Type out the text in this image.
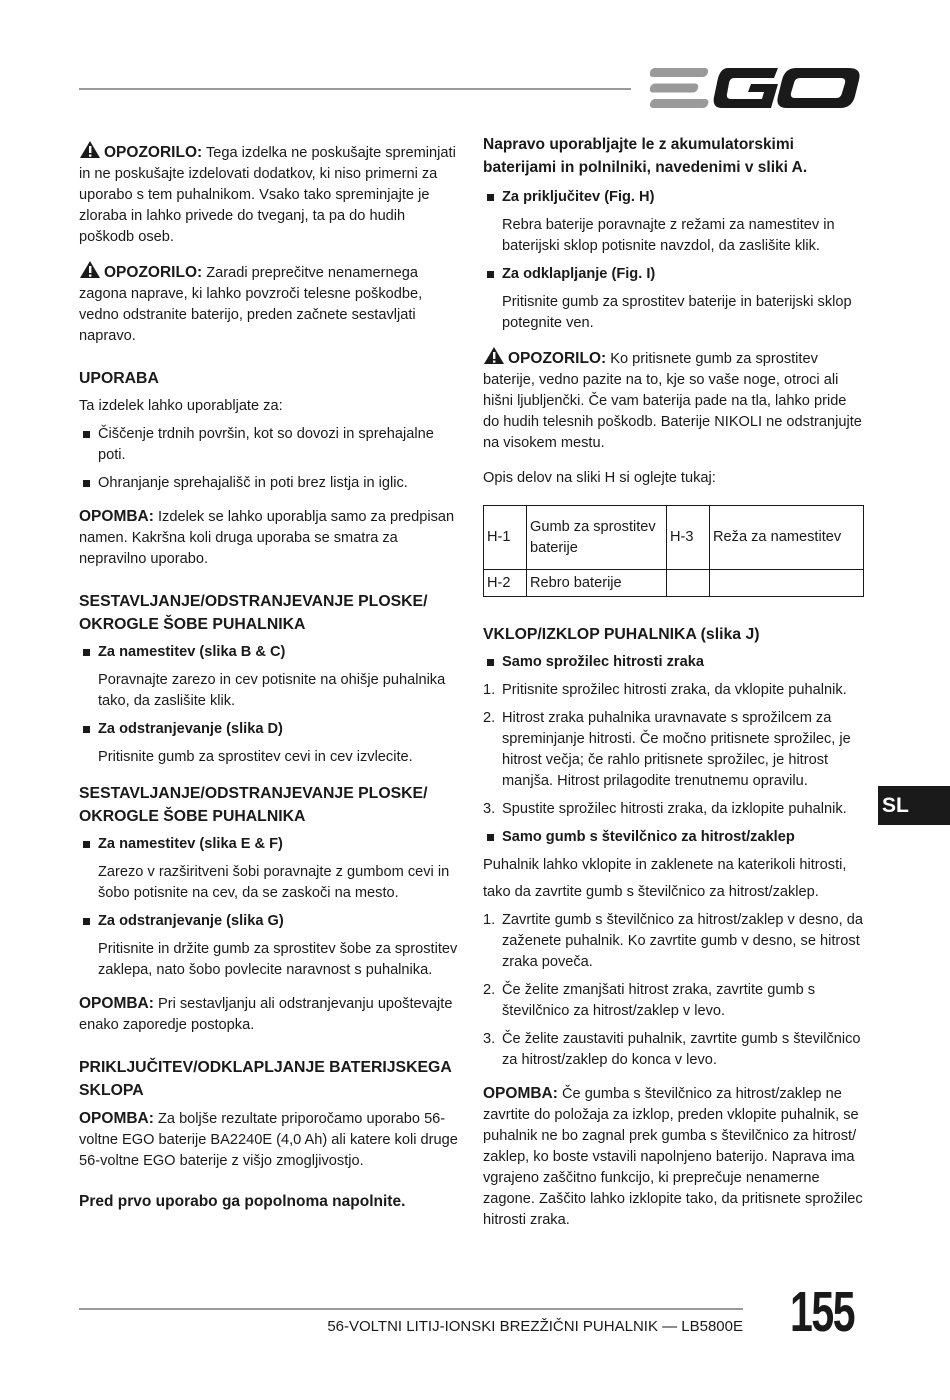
OPOZORILO: Tega izdelka ne poskušajte spreminjati in ne poskušajte izdelovati dodatkov, ki niso primerni za uporabo s tem puhalnikom. Vsako tako spreminjajte je zloraba in lahko privede do tveganj, ta pa do hudih poškodb oseb.
OPOZORILO: Zaradi preprečitve nenamernega zagona naprave, ki lahko povzroči telesne poškodbe, vedno odstranite baterijo, preden začnete sestavljati napravo.
UPORABA
Ta izdelek lahko uporabljate za:
Čiščenje trdnih površin, kot so dovozi in sprehajalne poti.
Ohranjanje sprehajališč in poti brez listja in iglic.
OPOMBA: Izdelek se lahko uporablja samo za predpisan namen. Kakršna koli druga uporaba se smatra za nepravilno uporabo.
SESTAVLJANJE/ODSTRANJEVANJE PLOSKE/ OKROGLE ŠOBE PUHALNIKA
Za namestitev (slika B & C)
Poravnajte zarezo in cev potisnite na ohišje puhalnika tako, da zaslišite klik.
Za odstranjevanje (slika D)
Pritisnite gumb za sprostitev cevi in cev izvlecite.
SESTAVLJANJE/ODSTRANJEVANJE PLOSKE/ OKROGLE ŠOBE PUHALNIKA
Za namestitev (slika E & F)
Zarezo v razširitveni šobi poravnajte z gumbom cevi in šobo potisnite na cev, da se zaskoči na mesto.
Za odstranjevanje (slika G)
Pritisnite in držite gumb za sprostitev šobe za sprostitev zaklepa, nato šobo povlecite naravnost s puhalnika.
OPOMBA: Pri sestavljanju ali odstranjevanju upoštevajte enako zaporedje postopka.
PRIKLJUČITEV/ODKLAPLJANJE BATERIJSKEGA SKLOPA
OPOMBA: Za boljše rezultate priporočamo uporabo 56-voltne EGO baterije BA2240E (4,0 Ah) ali katere koli druge 56-voltne EGO baterije z višjo zmogljivostjo.
Pred prvo uporabo ga popolnoma napolnite.
Napravo uporabljajte le z akumulatorskimi baterijami in polnilniki, navedenimi v sliki A.
Za priključitev (Fig. H)
Rebra baterije poravnajte z režami za namestitev in baterijski sklop potisnite navzdol, da zaslišite klik.
Za odklapljanje (Fig. I)
Pritisnite gumb za sprostitev baterije in baterijski sklop potegnite ven.
OPOZORILO: Ko pritisnete gumb za sprostitev baterije, vedno pazite na to, kje so vaše noge, otroci ali hišni ljubljenčki. Če vam baterija pade na tla, lahko pride do hudih telesnih poškodb. Baterije NIKOLI ne odstranjujte na visokem mestu.
Opis delov na sliki H si oglejte tukaj:
H-1	Gumb za sprostitev baterije	H-3	Reža za namestitev
H-2	Rebro baterije		
VKLOP/IZKLOP PUHALNIKA (slika J)
Samo sprožilec hitrosti zraka
1. Pritisnite sprožilec hitrosti zraka, da vklopite puhalnik.
2. Hitrost zraka puhalnika uravnavate s sprožilcem za spreminjanje hitrosti. Če močno pritisnete sprožilec, je hitrost večja; če rahlo pritisnete sprožilec, je hitrost manjša. Hitrost prilagodite trenutnemu opravilu.
3. Spustite sprožilec hitrosti zraka, da izklopite puhalnik.
Samo gumb s številčnico za hitrost/zaklep
Puhalnik lahko vklopite in zaklenete na katerikoli hitrosti,
tako da zavrtite gumb s številčnico za hitrost/zaklep.
1. Zavrtite gumb s številčnico za hitrost/zaklep v desno, da zaženete puhalnik. Ko zavrtite gumb v desno, se hitrost zraka poveča.
2. Če želite zmanjšati hitrost zraka, zavrtite gumb s številčnico za hitrost/zaklep v levo.
3. Če želite zaustaviti puhalnik, zavrtite gumb s številčnico za hitrost/zaklep do konca v levo.
OPOMBA: Če gumba s številčnico za hitrost/zaklep ne zavrtite do položaja za izklop, preden vklopite puhalnik, se puhalnik ne bo zagnal prek gumba s številčnico za hitrost/ zaklep, ko boste vstavili napolnjeno baterijo. Naprava ima vgrajeno zaščitno funkcijo, ki preprečuje nenamerne zagone. Zaščito lahko izklopite tako, da pritisnete sprožilec hitrosti zraka.
SL
56-VOLTNI LITIJ-IONSKI BREZŽIČNI PUHALNIK — LB5800E 155
